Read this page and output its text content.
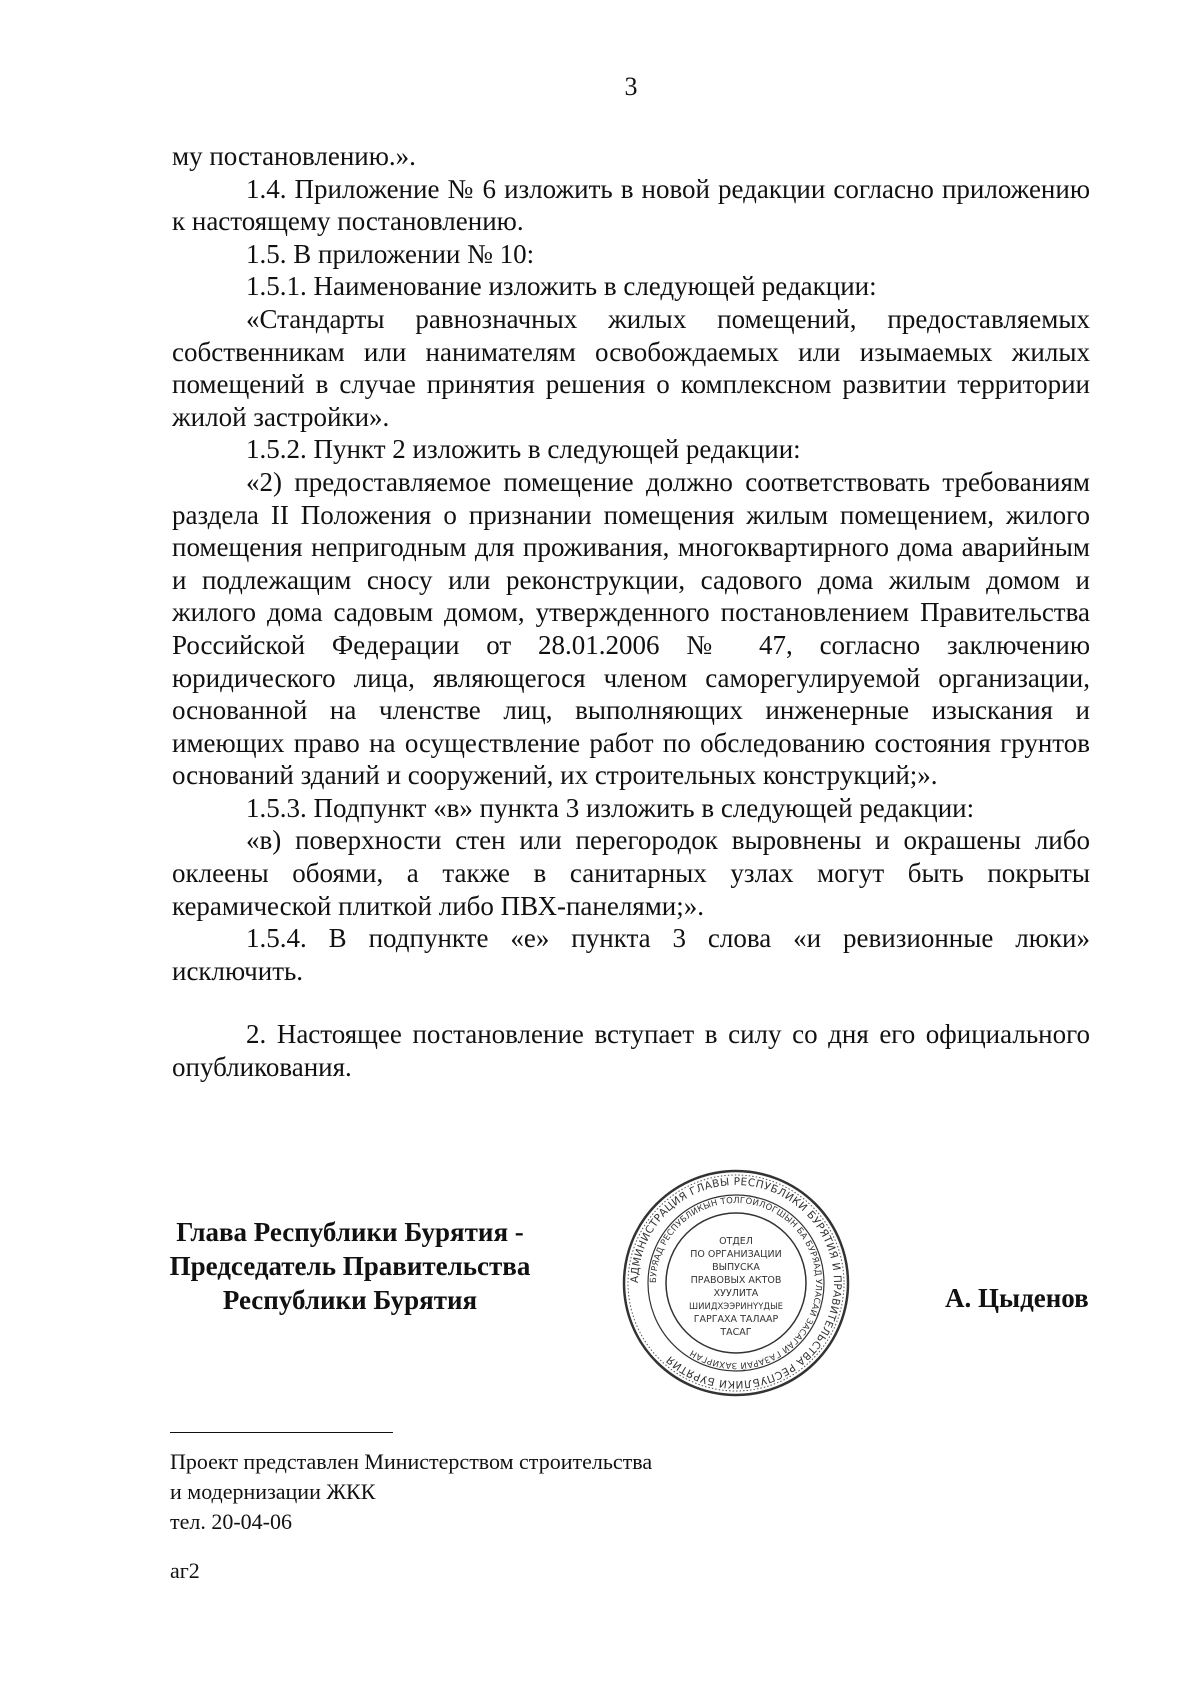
3

му постановлению.».

1.4. Приложение № 6 изложить в новой редакции согласно приложению к настоящему постановлению.

1.5. В приложении № 10:

1.5.1. Наименование изложить в следующей редакции:

«Стандарты равнозначных жилых помещений, предоставляемых собственникам или нанимателям освобождаемых или изымаемых жилых помещений в случае принятия решения о комплексном развитии территории жилой застройки».

1.5.2. Пункт 2 изложить в следующей редакции:

«2) предоставляемое помещение должно соответствовать требованиям раздела II Положения о признании помещения жилым помещением, жилого помещения непригодным для проживания, многоквартирного дома аварийным и подлежащим сносу или реконструкции, садового дома жилым домом и жилого дома садовым домом, утвержденного постановлением Правительства Российской Федерации от 28.01.2006 № 47, согласно заключению юридического лица, являющегося членом саморегулируемой организации, основанной на членстве лиц, выполняющих инженерные изыскания и имеющих право на осуществление работ по обследованию состояния грунтов оснований зданий и сооружений, их строительных конструкций;».

1.5.3. Подпункт «в» пункта 3 изложить в следующей редакции:

«в) поверхности стен или перегородок выровнены и окрашены либо оклеены обоями, а также в санитарных узлах могут быть покрыты керамической плиткой либо ПВХ-панелями;».

1.5.4. В подпункте «е» пункта 3 слова «и ревизионные люки» исключить.

2. Настоящее постановление вступает в силу со дня его официального опубликования.

Глава Республики Бурятия -
Председатель Правительства
Республики Бурятия
АДМИНИСТРАЦИЯ ГЛАВЫ РЕСПУБЛИКИ БУРЯТИЯ И ПРАВИТЕЛЬСТВА РЕСПУБЛИКИ БУРЯТИЯ
БУРЯАД РЕСПУБЛИКЫН ТОЛГОЙЛОГШЫН БА БУРЯАД УЛАСАЙ ЗАСАГАЙ ГАЗАРАЙ ЗАХИРГАН
ОТДЕЛ
ПО ОРГАНИЗАЦИИ
ВЫПУСКА
ПРАВОВЫХ АКТОВ
ХУУЛИТА
ШИИДХЭЭРИНҮҮДЫЕ
ГАРГАХА ТАЛААР
ТАСАГ
А. Цыденов
Проект представлен Министерством строительства
и модернизации ЖКК
тел. 20-04-06
аг2
